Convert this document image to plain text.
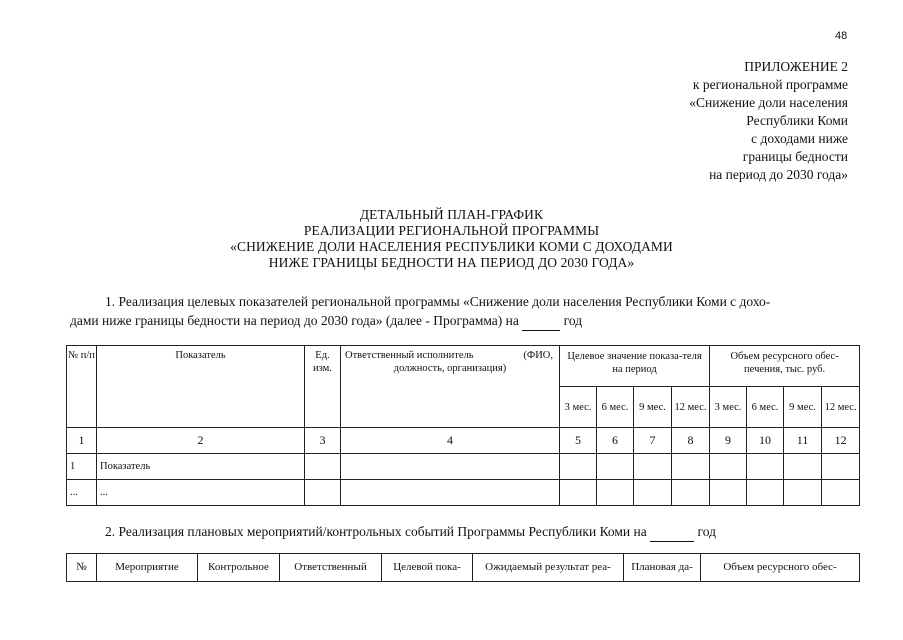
48
ПРИЛОЖЕНИЕ 2
к региональной программе
«Снижение доли населения
Республики Коми
с доходами ниже
границы бедности
на период до 2030 года»
ДЕТАЛЬНЫЙ ПЛАН-ГРАФИК
РЕАЛИЗАЦИИ РЕГИОНАЛЬНОЙ ПРОГРАММЫ
«СНИЖЕНИЕ ДОЛИ НАСЕЛЕНИЯ РЕСПУБЛИКИ КОМИ С ДОХОДАМИ
НИЖЕ ГРАНИЦЫ БЕДНОСТИ НА ПЕРИОД ДО 2030 ГОДА»
1. Реализация целевых показателей региональной программы «Снижение доли населения Республики Коми с дохо-
дами ниже границы бедности на период до 2030 года» (далее - Программа) на	год
№ п/п	Показатель	Ед. изм.	Ответственный исполнитель (ФИО,
должность, организация)	Целевое значение показа-теля на период				Объем ресурсного обес-печения, тыс. руб.			

				3 мес.	6 мес.	9 мес.	12 мес.	3 мес.	6 мес.	9 мес.	12 мес.
1	2	3	4	5	6	7	8	9	10	11	12
1	Показатель										
...	...										
2. Реализация плановых мероприятий/контрольных событий Программы Республики Коми на	год
№	Мероприятие	Контрольное	Ответственный	Целевой пока-	Ожидаемый результат реа-	Плановая да-	Объем ресурсного обес-
